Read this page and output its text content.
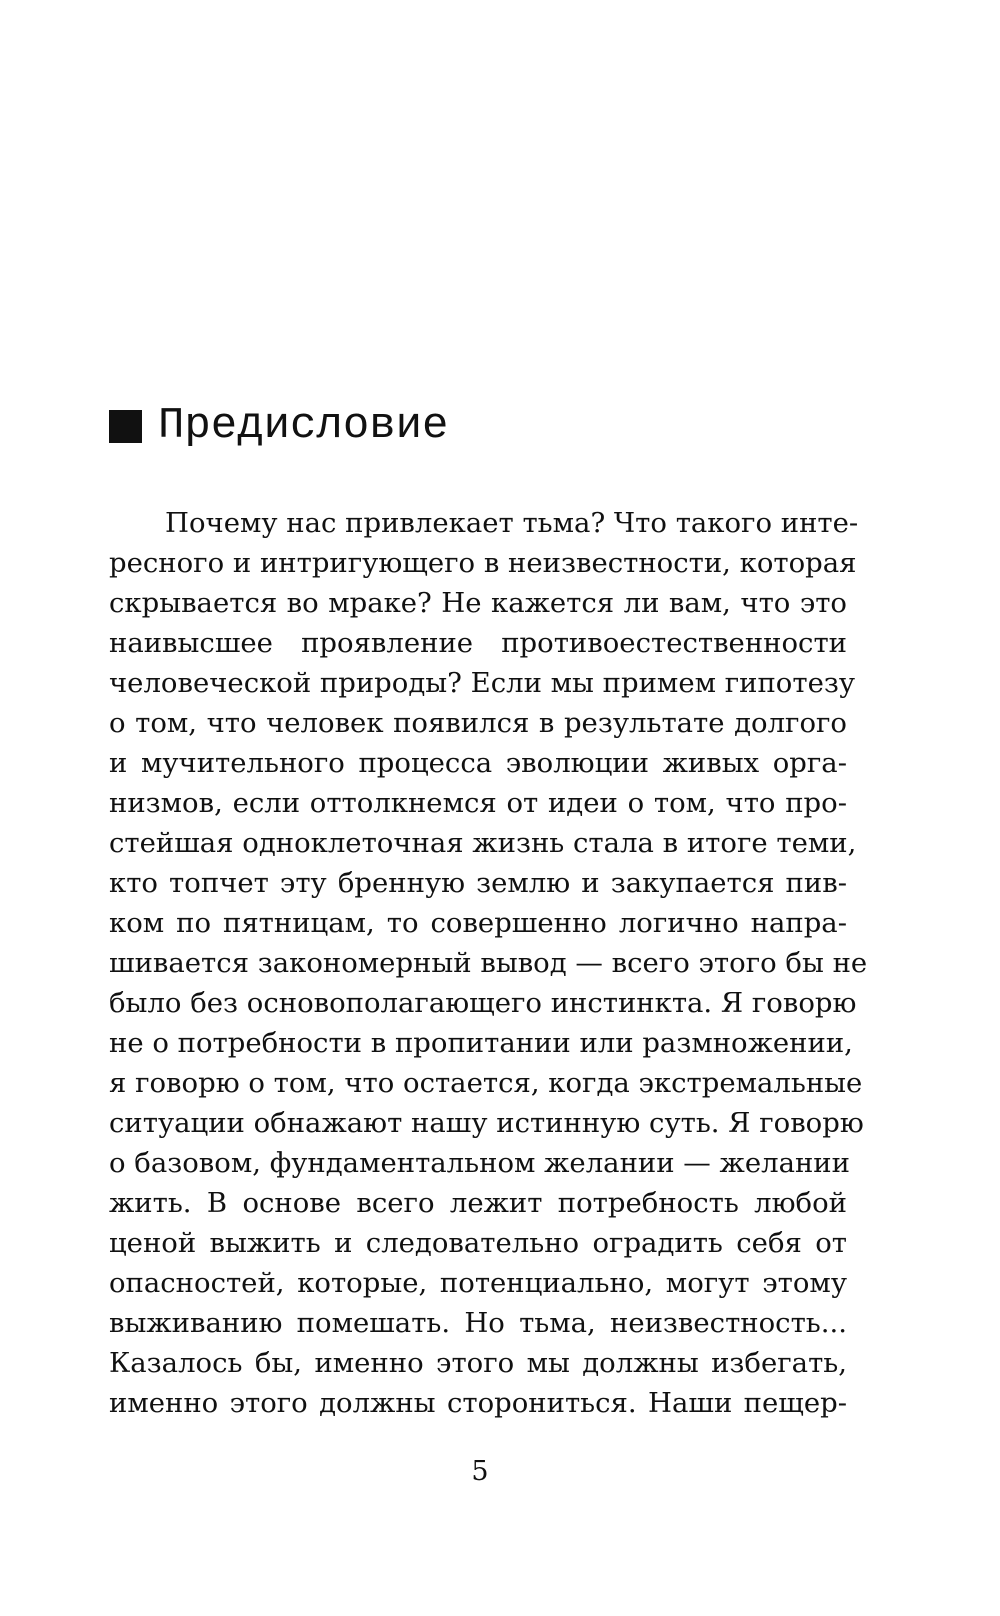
Предисловие
Почему нас привлекает тьма? Что такого инте-
ресного и интригующего в неизвестности, которая
скрывается во мраке? Не кажется ли вам, что это
наивысшее проявление противоестественности
человеческой природы? Если мы примем гипотезу
о том, что человек появился в результате долгого
и мучительного процесса эволюции живых орга-
низмов, если оттолкнемся от идеи о том, что про-
стейшая одноклеточная жизнь стала в итоге теми,
кто топчет эту бренную землю и закупается пив-
ком по пятницам, то совершенно логично напра-
шивается закономерный вывод — всего этого бы не
было без основополагающего инстинкта. Я говорю
не о потребности в пропитании или размножении,
я говорю о том, что остается, когда экстремальные
ситуации обнажают нашу истинную суть. Я говорю
о базовом, фундаментальном желании — желании
жить. В основе всего лежит потребность любой
ценой выжить и следовательно оградить себя от
опасностей, которые, потенциально, могут этому
выживанию помешать. Но тьма, неизвестность...
Казалось бы, именно этого мы должны избегать,
именно этого должны сторониться. Наши пещер-
5
